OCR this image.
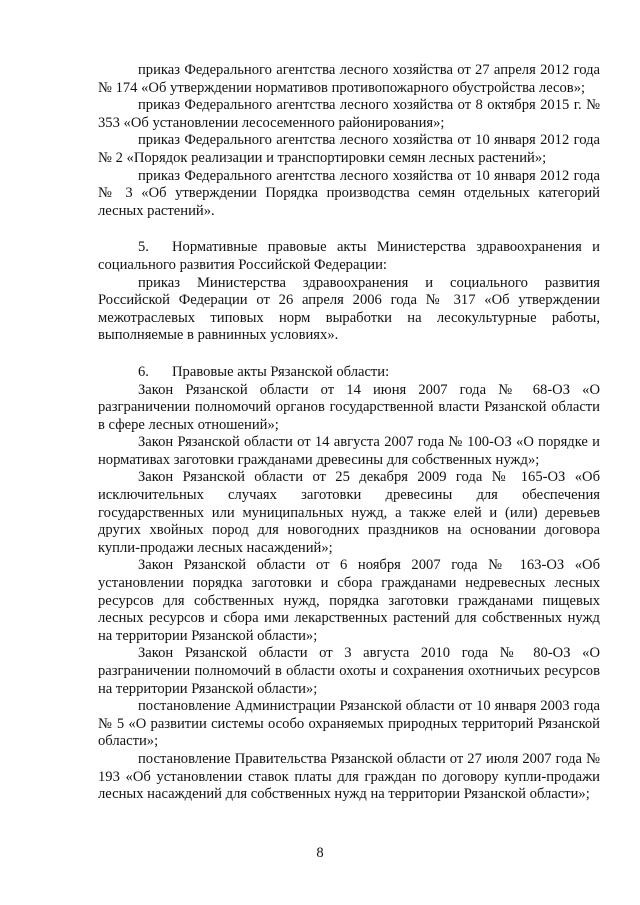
приказ Федерального агентства лесного хозяйства от 27 апреля 2012 года № 174 «Об утверждении нормативов противопожарного обустройства лесов»;

приказ Федерального агентства лесного хозяйства от 8 октября 2015 г. № 353 «Об установлении лесосеменного районирования»;

приказ Федерального агентства лесного хозяйства от 10 января 2012 года № 2 «Порядок реализации и транспортировки семян лесных растений»;

приказ Федерального агентства лесного хозяйства от 10 января 2012 года № 3 «Об утверждении Порядка производства семян отдельных категорий лесных растений».

5. Нормативные правовые акты Министерства здравоохранения и социального развития Российской Федерации:

приказ Министерства здравоохранения и социального развития Российской Федерации от 26 апреля 2006 года № 317 «Об утверждении межотраслевых типовых норм выработки на лесокультурные работы, выполняемые в равнинных условиях».

6. Правовые акты Рязанской области:

Закон Рязанской области от 14 июня 2007 года № 68-ОЗ «О разграничении полномочий органов государственной власти Рязанской области в сфере лесных отношений»;

Закон Рязанской области от 14 августа 2007 года № 100-ОЗ «О порядке и нормативах заготовки гражданами древесины для собственных нужд»;

Закон Рязанской области от 25 декабря 2009 года № 165-ОЗ «Об исключительных случаях заготовки древесины для обеспечения государственных или муниципальных нужд, а также елей и (или) деревьев других хвойных пород для новогодних праздников на основании договора купли-продажи лесных насаждений»;

Закон Рязанской области от 6 ноября 2007 года № 163-ОЗ «Об установлении порядка заготовки и сбора гражданами недревесных лесных ресурсов для собственных нужд, порядка заготовки гражданами пищевых лесных ресурсов и сбора ими лекарственных растений для собственных нужд на территории Рязанской области»;

Закон Рязанской области от 3 августа 2010 года № 80-ОЗ «О разграничении полномочий в области охоты и сохранения охотничьих ресурсов на территории Рязанской области»;

постановление Администрации Рязанской области от 10 января 2003 года № 5 «О развитии системы особо охраняемых природных территорий Рязанской области»;

постановление Правительства Рязанской области от 27 июля 2007 года № 193 «Об установлении ставок платы для граждан по договору купли-продажи лесных насаждений для собственных нужд на территории Рязанской области»;

8
